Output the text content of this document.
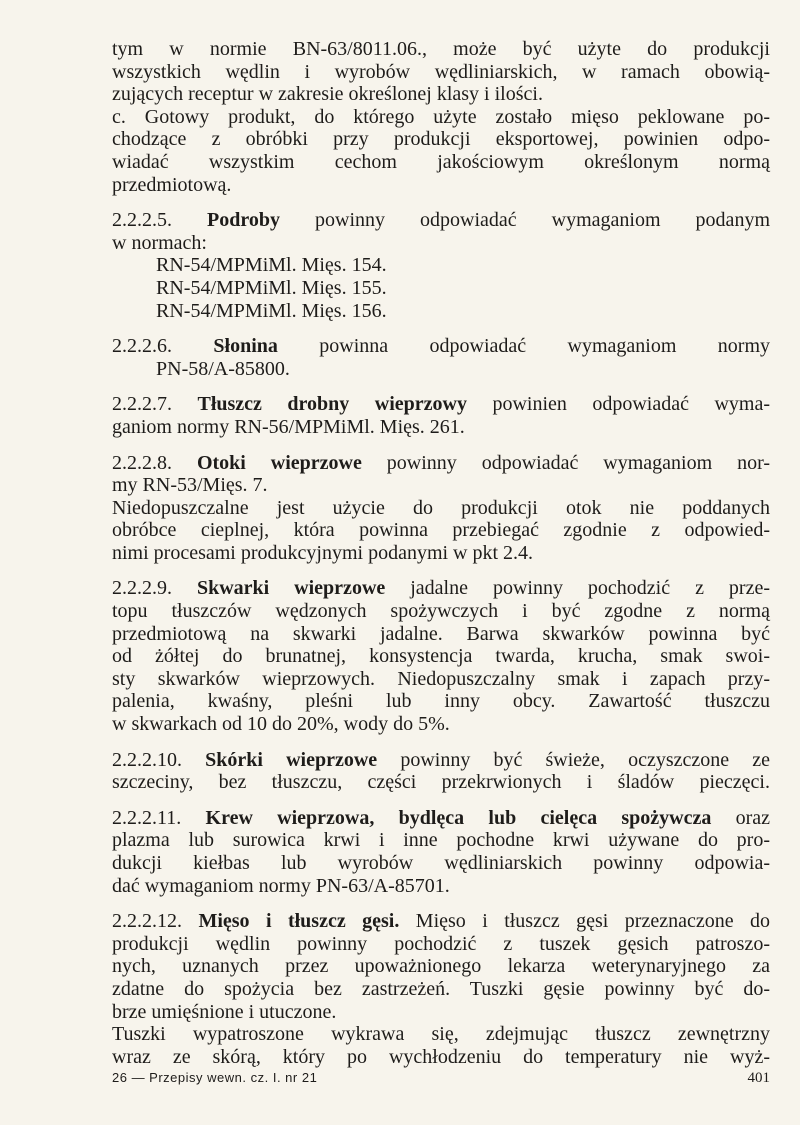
tym w normie BN-63/8011.06., może być użyte do produkcji
wszystkich wędlin i wyrobów wędliniarskich, w ramach obowią-
zujących receptur w zakresie określonej klasy i ilości.
c. Gotowy produkt, do którego użyte zostało mięso peklowane po-
chodzące z obróbki przy produkcji eksportowej, powinien odpo-
wiadać wszystkim cechom jakościowym określonym normą
przedmiotową.
2.2.2.5. Podroby powinny odpowiadać wymaganiom podanym
w normach:
RN-54/MPMiMl. Mięs. 154.
RN-54/MPMiMl. Mięs. 155.
RN-54/MPMiMl. Mięs. 156.
2.2.2.6. Słonina powinna odpowiadać wymaganiom normy
PN-58/A-85800.
2.2.2.7. Tłuszcz drobny wieprzowy powinien odpowiadać wyma-
ganiom normy RN-56/MPMiMl. Mięs. 261.
2.2.2.8. Otoki wieprzowe powinny odpowiadać wymaganiom nor-
my RN-53/Mięs. 7.
Niedopuszczalne jest użycie do produkcji otok nie poddanych
obróbce cieplnej, która powinna przebiegać zgodnie z odpowied-
nimi procesami produkcyjnymi podanymi w pkt 2.4.
2.2.2.9. Skwarki wieprzowe jadalne powinny pochodzić z prze-
topu tłuszczów wędzonych spożywczych i być zgodne z normą
przedmiotową na skwarki jadalne. Barwa skwarków powinna być
od żółtej do brunatnej, konsystencja twarda, krucha, smak swoi-
sty skwarków wieprzowych. Niedopuszczalny smak i zapach przy-
palenia, kwaśny, pleśni lub inny obcy. Zawartość tłuszczu
w skwarkach od 10 do 20%, wody do 5%.
2.2.2.10. Skórki wieprzowe powinny być świeże, oczyszczone ze
szczeciny, bez tłuszczu, części przekrwionych i śladów pieczęci.
2.2.2.11. Krew wieprzowa, bydlęca lub cielęca spożywcza oraz
plazma lub surowica krwi i inne pochodne krwi używane do pro-
dukcji kiełbas lub wyrobów wędliniarskich powinny odpowia-
dać wymaganiom normy PN-63/A-85701.
2.2.2.12. Mięso i tłuszcz gęsi. Mięso i tłuszcz gęsi przeznaczone do
produkcji wędlin powinny pochodzić z tuszek gęsich patroszo-
nych, uznanych przez upoważnionego lekarza weterynaryjnego za
zdatne do spożycia bez zastrzeżeń. Tuszki gęsie powinny być do-
brze umięśnione i utuczone.
Tuszki wypatroszone wykrawa się, zdejmując tłuszcz zewnętrzny
wraz ze skórą, który po wychłodzeniu do temperatury nie wyż-
26 — Przepisy wewn. cz. I. nr 21	401
